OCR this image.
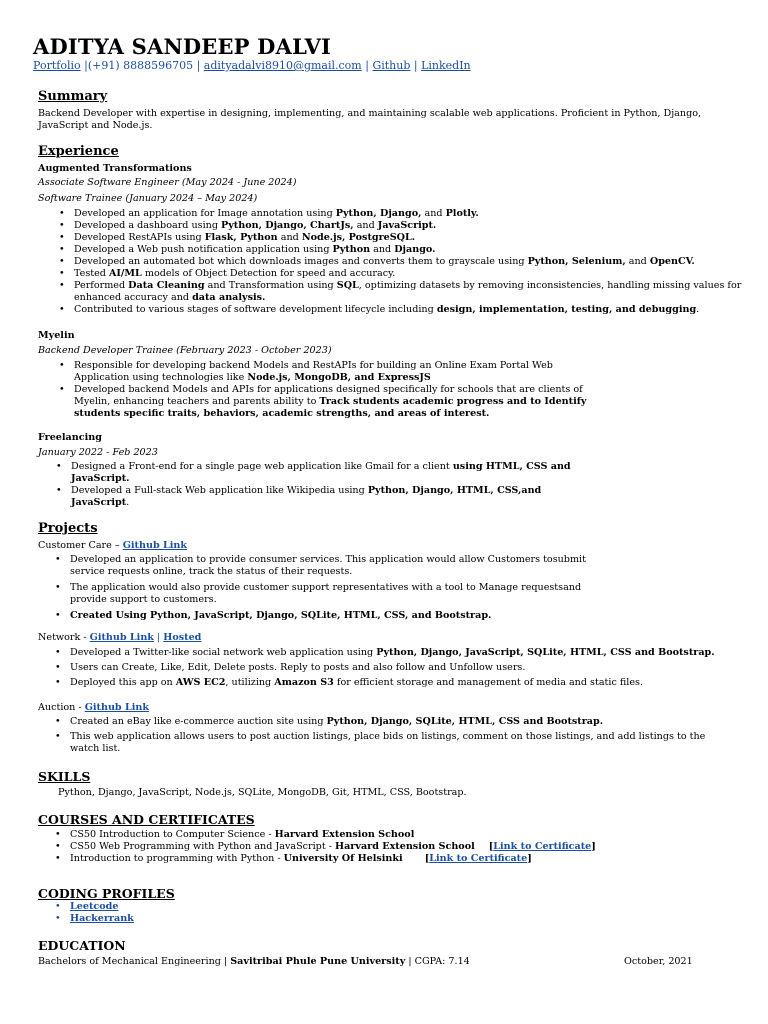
ADITYA SANDEEP DALVI
Portfolio |(+91) 8888596705 | adityadalvi8910@gmail.com | Github | LinkedIn
Summary
Backend Developer with expertise in designing, implementing, and maintaining scalable web applications. Proficient in Python, Django,
JavaScript and Node.js.
Experience
Augmented Transformations
Associate Software Engineer (May 2024 - June 2024)
Software Trainee (January 2024 – May 2024)
• Developed an application for Image annotation using Python, Django, and Plotly.
• Developed a dashboard using Python, Django, ChartJs, and JavaScript.
• Developed RestAPIs using Flask, Python and Node.js, PostgreSQL.
• Developed a Web push notification application using Python and Django.
• Developed an automated bot which downloads images and converts them to grayscale using Python, Selenium, and OpenCV.
• Tested AI/ML models of Object Detection for speed and accuracy.
• Performed Data Cleaning and Transformation using SQL, optimizing datasets by removing inconsistencies, handling missing values for
enhanced accuracy and data analysis.
• Contributed to various stages of software development lifecycle including design, implementation, testing, and debugging.
Myelin
Backend Developer Trainee (February 2023 - October 2023)
• Responsible for developing backend Models and RestAPIs for building an Online Exam Portal Web
Application using technologies like Node.js, MongoDB, and ExpressJS
• Developed backend Models and APIs for applications designed specifically for schools that are clients of
Myelin, enhancing teachers and parents ability to Track students academic progress and to Identify
students specific traits, behaviors, academic strengths, and areas of interest.
Freelancing
January 2022 - Feb 2023
• Designed a Front-end for a single page web application like Gmail for a client using HTML, CSS and
JavaScript.
• Developed a Full-stack Web application like Wikipedia using Python, Django, HTML, CSS,and
JavaScript.
Projects
Customer Care – Github Link
• Developed an application to provide consumer services. This application would allow Customers tosubmit
service requests online, track the status of their requests.
• The application would also provide customer support representatives with a tool to Manage requestsand
provide support to customers.
• Created Using Python, JavaScript, Django, SQLite, HTML, CSS, and Bootstrap.
Network - Github Link | Hosted
• Developed a Twitter-like social network web application using Python, Django, JavaScript, SQLite, HTML, CSS and Bootstrap.
• Users can Create, Like, Edit, Delete posts. Reply to posts and also follow and Unfollow users.
• Deployed this app on AWS EC2, utilizing Amazon S3 for efficient storage and management of media and static files.
Auction - Github Link
• Created an eBay like e-commerce auction site using Python, Django, SQLite, HTML, CSS and Bootstrap.
• This web application allows users to post auction listings, place bids on listings, comment on those listings, and add listings to the
watch list.
SKILLS
Python, Django, JavaScript, Node.js, SQLite, MongoDB, Git, HTML, CSS, Bootstrap.
COURSES AND CERTIFICATES
• CS50 Introduction to Computer Science - Harvard Extension School
• CS50 Web Programming with Python and JavaScript - Harvard Extension School [Link to Certificate]
• Introduction to programming with Python - University Of Helsinki [Link to Certificate]
CODING PROFILES
• Leetcode
• Hackerrank
EDUCATION
Bachelors of Mechanical Engineering | Savitribai Phule Pune University | CGPA: 7.14	October, 2021
